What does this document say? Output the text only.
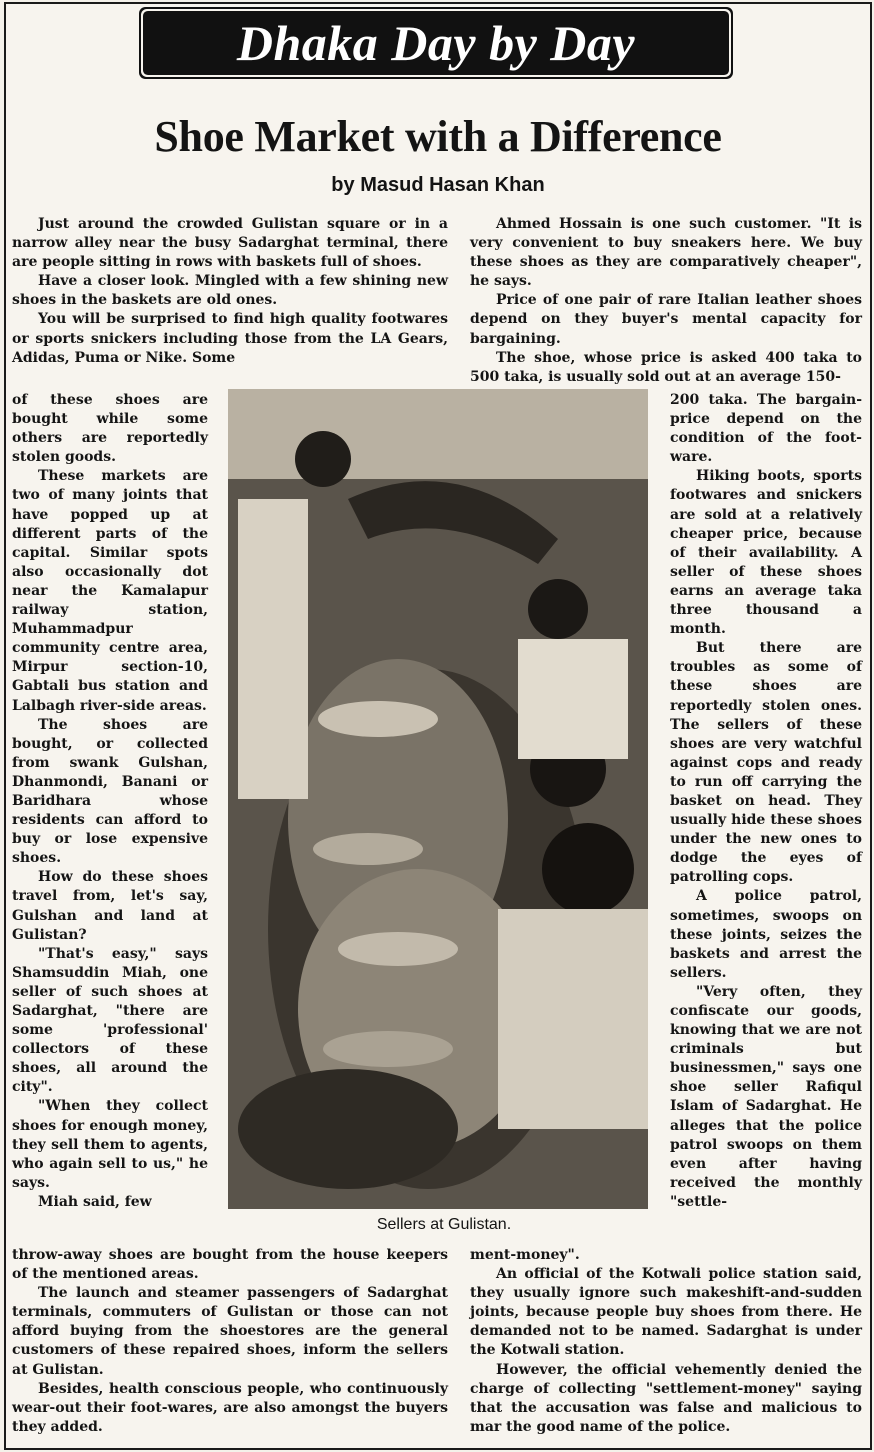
Dhaka Day by Day
Shoe Market with a Difference
by Masud Hasan Khan

Just around the crowded Gulistan square or in a narrow alley near the busy Sadarghat terminal, there are people sitting in rows with baskets full of shoes.

Have a closer look. Mingled with a few shining new shoes in the baskets are old ones.

You will be surprised to find high quality footwares or sports snickers including those from the LA Gears, Adidas, Puma or Nike. Some

of these shoes are bought while some others are reportedly stolen goods.

These markets are two of many joints that have popped up at different parts of the capital. Similar spots also occasionally dot near the Kamalapur railway station, Muhammadpur community centre area, Mirpur section-10, Gabtali bus station and Lalbagh river-side areas.

The shoes are bought, or collected from swank Gulshan, Dhanmondi, Banani or Baridhara whose residents can afford to buy or lose expensive shoes.

How do these shoes travel from, let's say, Gulshan and land at Gulistan?

"That's easy," says Shamsuddin Miah, one seller of such shoes at Sadarghat, "there are some 'professional' collectors of these shoes, all around the city".

"When they collect shoes for enough money, they sell them to agents, who again sell to us," he says.

Miah said, few

throw-away shoes are bought from the house keepers of the mentioned areas.

The launch and steamer passengers of Sadarghat terminals, commuters of Gulistan or those can not afford buying from the shoestores are the general customers of these repaired shoes, inform the sellers at Gulistan.

Besides, health conscious people, who continuously wear-out their foot-wares, are also amongst the buyers they added.

Ahmed Hossain is one such customer. "It is very convenient to buy sneakers here. We buy these shoes as they are comparatively cheaper", he says.

Price of one pair of rare Italian leather shoes depend on they buyer's mental capacity for bargaining.

The shoe, whose price is asked 400 taka to 500 taka, is usually sold out at an average 150-

200 taka. The bargain-price depend on the condition of the foot-ware.

Hiking boots, sports footwares and snickers are sold at a relatively cheaper price, because of their availability. A seller of these shoes earns an average taka three thousand a month.

But there are troubles as some of these shoes are reportedly stolen ones. The sellers of these shoes are very watchful against cops and ready to run off carrying the basket on head. They usually hide these shoes under the new ones to dodge the eyes of patrolling cops.

A police patrol, sometimes, swoops on these joints, seizes the baskets and arrest the sellers.

"Very often, they confiscate our goods, knowing that we are not criminals but businessmen," says one shoe seller Rafiqul Islam of Sadarghat. He alleges that the police patrol swoops on them even after having received the monthly "settle-

ment-money".

An official of the Kotwali police station said, they usually ignore such makeshift-and-sudden joints, because people buy shoes from there. He demanded not to be named. Sadarghat is under the Kotwali station.

However, the official vehemently denied the charge of collecting "settlement-money" saying that the accusation was false and malicious to mar the good name of the police.

Sellers at Gulistan.
